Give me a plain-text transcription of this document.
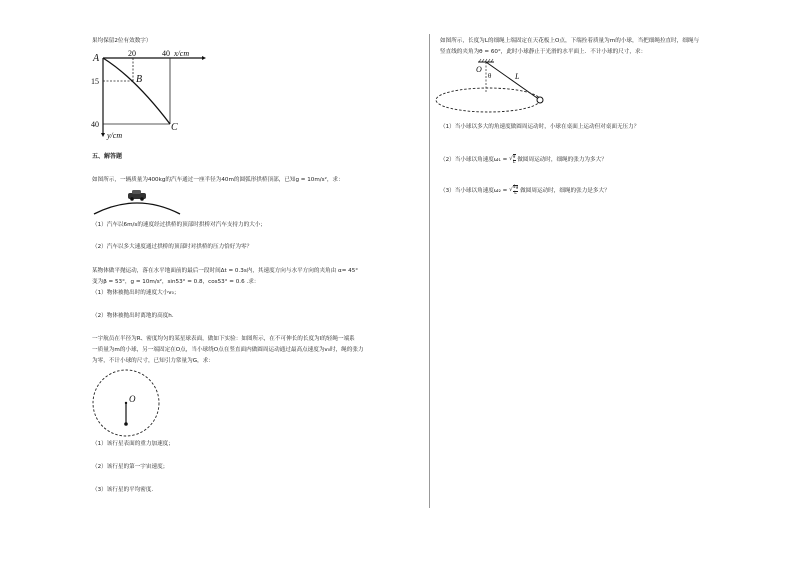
果均保留2位有效数字）
20	40 x/cm
15
40
y/cm
A
B
C
五、解答题
如图所示，一辆质量为400kg的汽车通过一座半径为40m的圆弧形拱桥顶部，已知g = 10m/s²，求：
（1）汽车以6m/s的速度经过拱桥的顶部时拱桥对汽车支持力的大小；
（2）汽车以多大速度通过拱桥的顶部时对拱桥的压力恰好为零？
某物体做平抛运动，落在水平地面前的最后一段时间Δt = 0.3s内，其速度方向与水平方向的夹角由 α= 45°
变为β = 53°，g = 10m/s²，sin53° = 0.8，cos53° = 0.6 .求：
（1）物体被抛出时的速度大小v₀；
（2）物体被抛出时离地的高度h.
一宇航员在半径为R、密度均匀的某星球表面，做如下实验：如图所示，在不可伸长的长度为l的轻绳一端系
一质量为m的小球，另一端固定在O点，当小球绕O点在竖直面内做圆周运动通过最高点速度为v₀时，绳的张力
为零，不计小球的尺寸，已知引力常量为G，求：
O
（1）该行星表面的重力加速度；
（2）该行星的第一宇宙速度；
（3）该行星的平均密度.
如图所示，长度为L的细绳上端固定在天花板上O点，下端拴着质量为m的小球，当把细绳拉直时，细绳与
竖直线的夹角为θ = 60°，此时小球静止于光滑的水平面上．不计小球的尺寸，求：
O
θ	L
（1）当小球以多大的角速度做圆周运动时，小球在桌面上运动但对桌面无压力？
（2）当小球以角速度ω₁ = √ g
L 做圆周运动时，细绳的张力为多大？
（3）当小球以角速度ω₂ = √ 4g
L 做圆周运动时，细绳的张力是多大？
